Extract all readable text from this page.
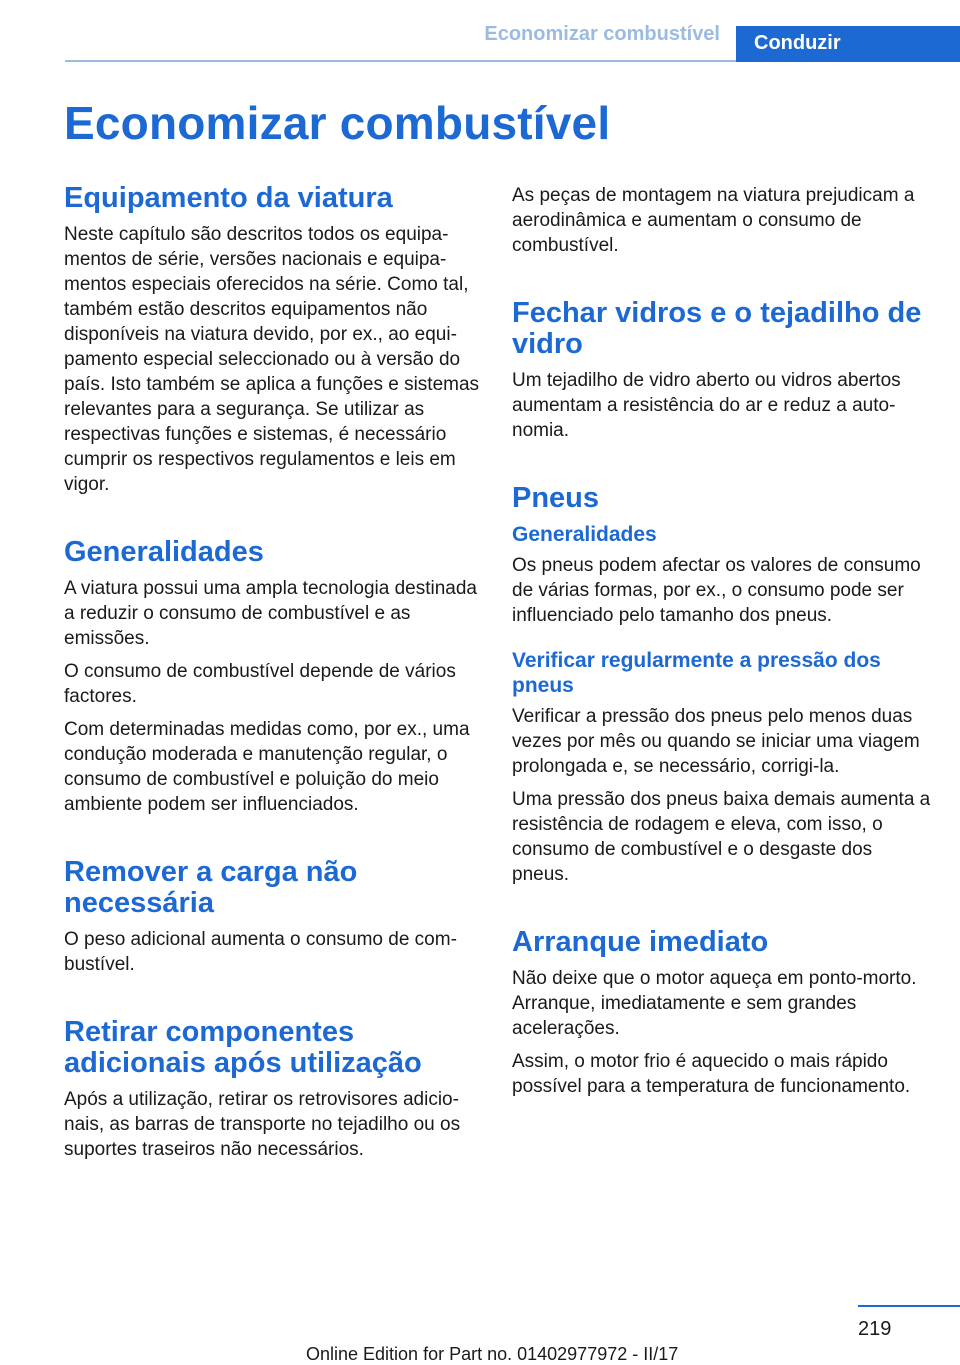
Economizar combustível	Conduzir
Economizar combustível
Equipamento da viatura

Neste capítulo são descritos todos os equipamentos de série, versões nacionais e equipamentos especiais oferecidos na série. Como tal, também estão descritos equipamentos não disponíveis na viatura devido, por ex., ao equipamento especial seleccionado ou à versão do país. Isto também se aplica a funções e sistemas relevantes para a segurança. Se utilizar as respectivas funções e sistemas, é necessário cumprir os respectivos regulamentos e leis em vigor.

Generalidades

A viatura possui uma ampla tecnologia destinada a reduzir o consumo de combustível e as emissões.

O consumo de combustível depende de vários factores.

Com determinadas medidas como, por ex., uma condução moderada e manutenção regular, o consumo de combustível e poluição do meio ambiente podem ser influenciados.

Remover a carga não necessária

O peso adicional aumenta o consumo de combustível.

Retirar componentes adicionais após utilização

Após a utilização, retirar os retrovisores adicionais, as barras de transporte no tejadilho ou os suportes traseiros não necessários.

As peças de montagem na viatura prejudicam a aerodinâmica e aumentam o consumo de combustível.

Fechar vidros e o tejadilho de vidro

Um tejadilho de vidro aberto ou vidros abertos aumentam a resistência do ar e reduz a autonomia.

Pneus
Generalidades

Os pneus podem afectar os valores de consumo de várias formas, por ex., o consumo pode ser influenciado pelo tamanho dos pneus.

Verificar regularmente a pressão dos pneus

Verificar a pressão dos pneus pelo menos duas vezes por mês ou quando se iniciar uma viagem prolongada e, se necessário, corrigi-la.

Uma pressão dos pneus baixa demais aumenta a resistência de rodagem e eleva, com isso, o consumo de combustível e o desgaste dos pneus.

Arranque imediato

Não deixe que o motor aqueça em ponto-morto. Arranque, imediatamente e sem grandes acelerações.

Assim, o motor frio é aquecido o mais rápido possível para a temperatura de funcionamento.

219
Online Edition for Part no. 01402977972 - II/17
